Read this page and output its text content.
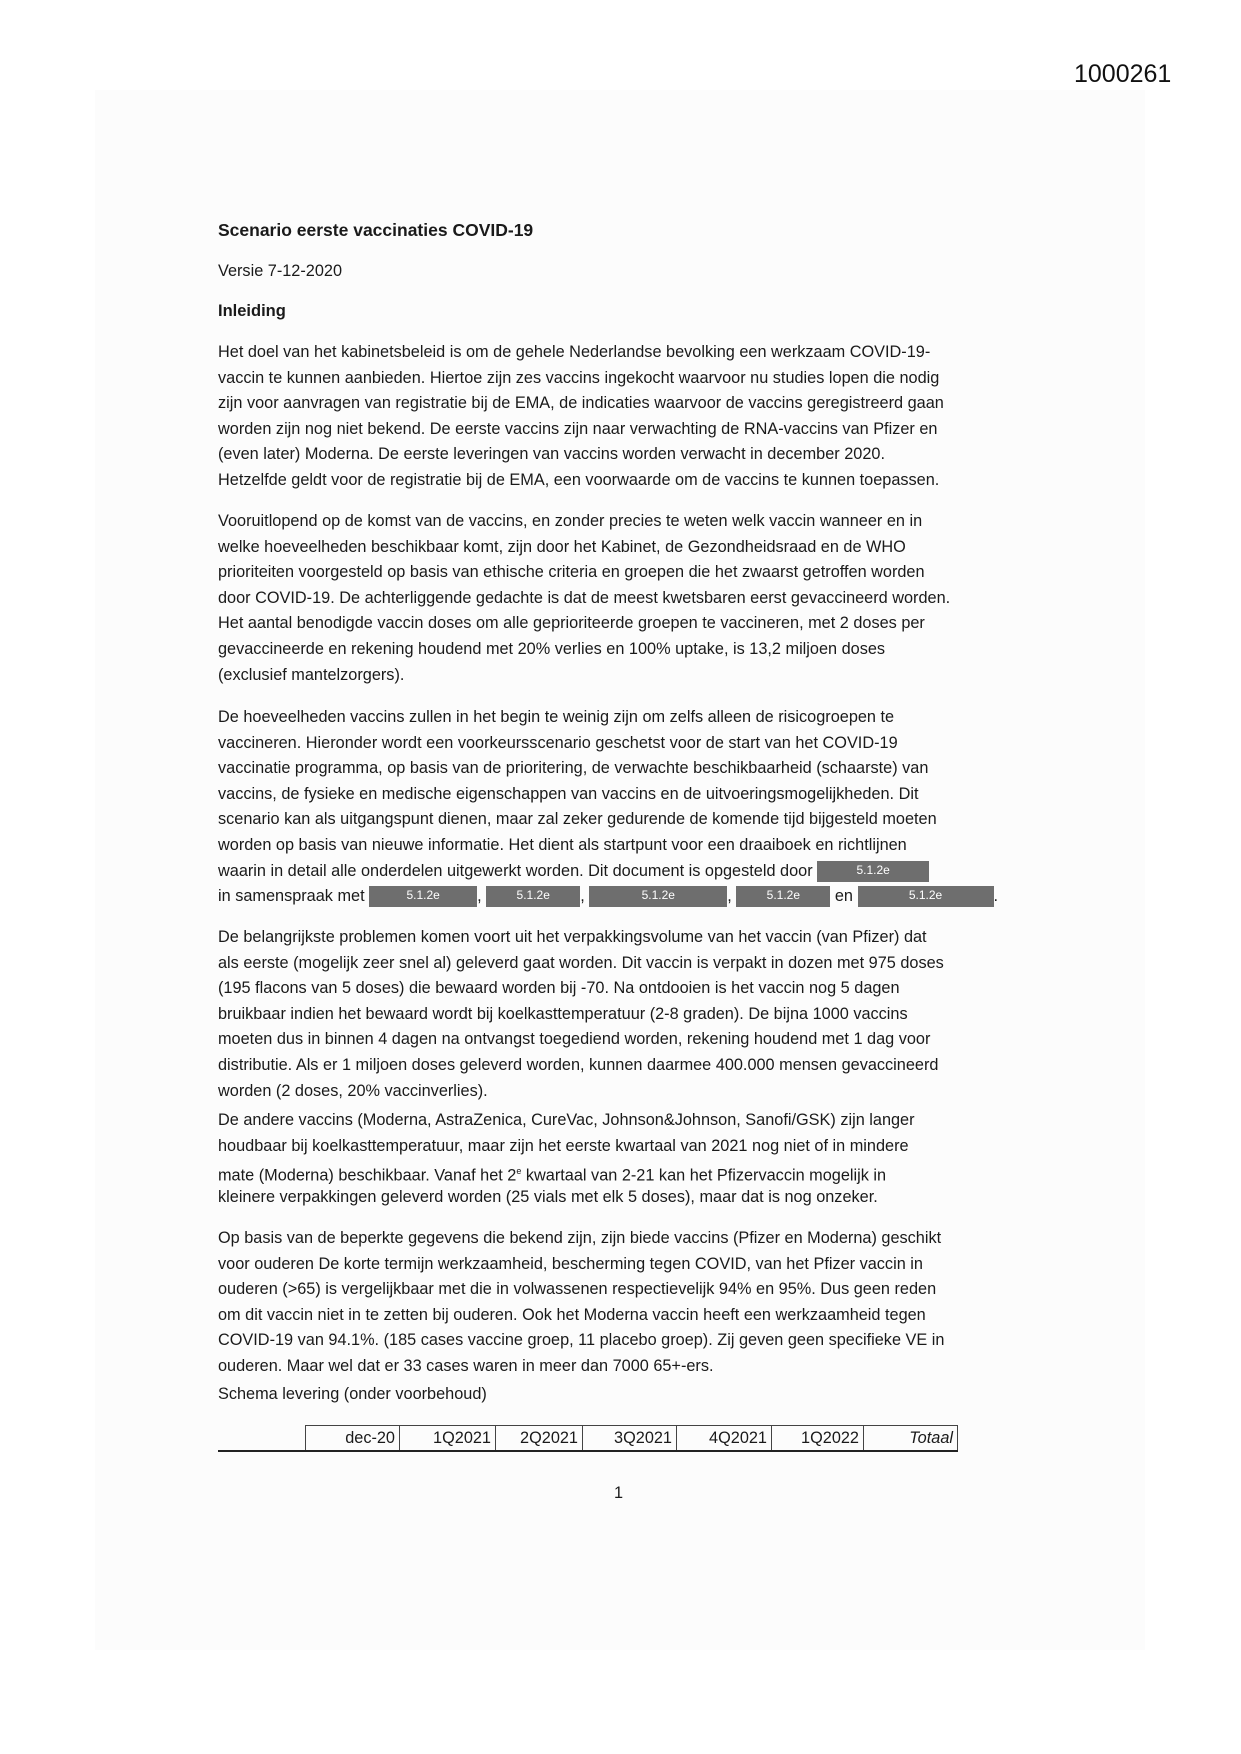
1000261
Scenario eerste vaccinaties COVID-19
Versie 7-12-2020
Inleiding
Het doel van het kabinetsbeleid is om de gehele Nederlandse bevolking een werkzaam COVID-19-
vaccin te kunnen aanbieden. Hiertoe zijn zes vaccins ingekocht waarvoor nu studies lopen die nodig
zijn voor aanvragen van registratie bij de EMA, de indicaties waarvoor de vaccins geregistreerd gaan
worden zijn nog niet bekend. De eerste vaccins zijn naar verwachting de RNA-vaccins van Pfizer en
(even later) Moderna. De eerste leveringen van vaccins worden verwacht in december 2020.
Hetzelfde geldt voor de registratie bij de EMA, een voorwaarde om de vaccins te kunnen toepassen.
Vooruitlopend op de komst van de vaccins, en zonder precies te weten welk vaccin wanneer en in
welke hoeveelheden beschikbaar komt, zijn door het Kabinet, de Gezondheidsraad en de WHO
prioriteiten voorgesteld op basis van ethische criteria en groepen die het zwaarst getroffen worden
door COVID-19. De achterliggende gedachte is dat de meest kwetsbaren eerst gevaccineerd worden.
Het aantal benodigde vaccin doses om alle geprioriteerde groepen te vaccineren, met 2 doses per
gevaccineerde en rekening houdend met 20% verlies en 100% uptake, is 13,2 miljoen doses
(exclusief mantelzorgers).
De hoeveelheden vaccins zullen in het begin te weinig zijn om zelfs alleen de risicogroepen te
vaccineren. Hieronder wordt een voorkeursscenario geschetst voor de start van het COVID-19
vaccinatie programma, op basis van de prioritering, de verwachte beschikbaarheid (schaarste) van
vaccins, de fysieke en medische eigenschappen van vaccins en de uitvoeringsmogelijkheden. Dit
scenario kan als uitgangspunt dienen, maar zal zeker gedurende de komende tijd bijgesteld moeten
worden op basis van nieuwe informatie. Het dient als startpunt voor een draaiboek en richtlijnen
waarin in detail alle onderdelen uitgewerkt worden. Dit document is opgesteld door	5.1.2e
in samenspraak met	5.1.2e ,	5.1.2e ,	5.1.2e	,	5.1.2e en	5.1.2e	.
De belangrijkste problemen komen voort uit het verpakkingsvolume van het vaccin (van Pfizer) dat
als eerste (mogelijk zeer snel al) geleverd gaat worden. Dit vaccin is verpakt in dozen met 975 doses
(195 flacons van 5 doses) die bewaard worden bij -70. Na ontdooien is het vaccin nog 5 dagen
bruikbaar indien het bewaard wordt bij koelkasttemperatuur (2-8 graden). De bijna 1000 vaccins
moeten dus in binnen 4 dagen na ontvangst toegediend worden, rekening houdend met 1 dag voor
distributie. Als er 1 miljoen doses geleverd worden, kunnen daarmee 400.000 mensen gevaccineerd
worden (2 doses, 20% vaccinverlies).
De andere vaccins (Moderna, AstraZenica, CureVac, Johnson&Johnson, Sanofi/GSK) zijn langer
houdbaar bij koelkasttemperatuur, maar zijn het eerste kwartaal van 2021 nog niet of in mindere
mate (Moderna) beschikbaar. Vanaf het 2e kwartaal van 2-21 kan het Pfizervaccin mogelijk in
kleinere verpakkingen geleverd worden (25 vials met elk 5 doses), maar dat is nog onzeker.
Op basis van de beperkte gegevens die bekend zijn, zijn biede vaccins (Pfizer en Moderna) geschikt
voor ouderen De korte termijn werkzaamheid, bescherming tegen COVID, van het Pfizer vaccin in
ouderen (>65) is vergelijkbaar met die in volwassenen respectievelijk 94% en 95%. Dus geen reden
om dit vaccin niet in te zetten bij ouderen. Ook het Moderna vaccin heeft een werkzaamheid tegen
COVID-19 van 94.1%. (185 cases vaccine groep, 11 placebo groep). Zij geven geen specifieke VE in
ouderen. Maar wel dat er 33 cases waren in meer dan 7000 65+-ers.
Schema levering (onder voorbehoud)
	dec-20	1Q2021	2Q2021	3Q2021	4Q2021	1Q2022	Totaal
1
